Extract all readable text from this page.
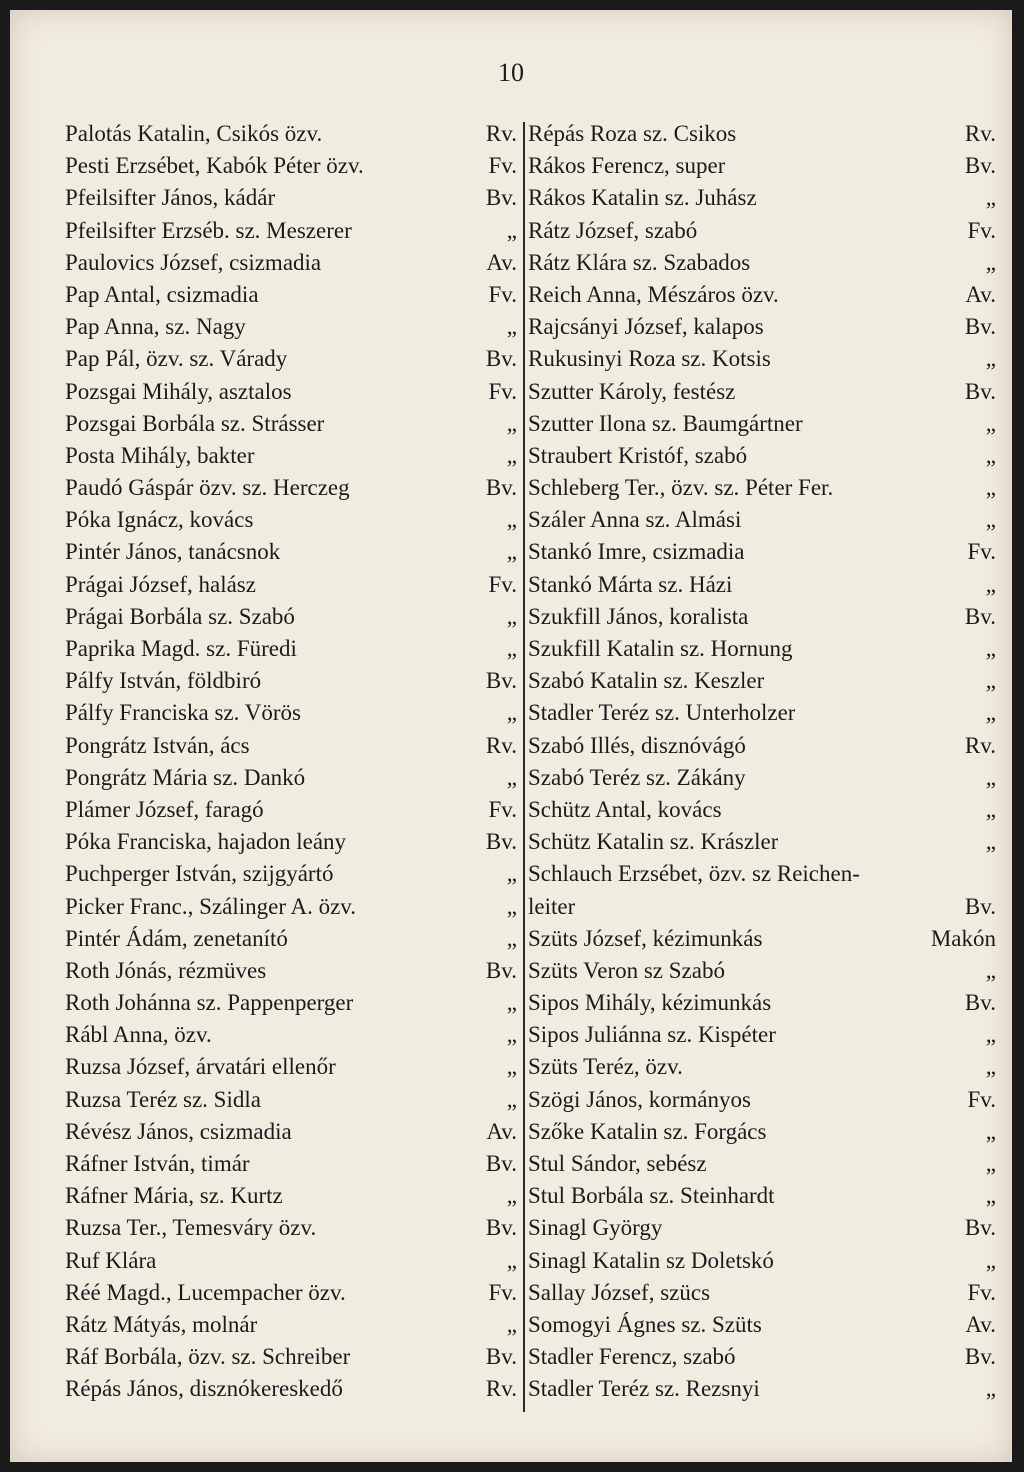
10
Palotás Katalin, Csikós özv.	Rv.
Pesti Erzsébet, Kabók Péter özv.	Fv.
Pfeilsifter János, kádár	Bv.
Pfeilsifter Erzséb. sz. Meszerer	„
Paulovics József, csizmadia	Av.
Pap Antal, csizmadia	Fv.
Pap Anna, sz. Nagy	„
Pap Pál, özv. sz. Várady	Bv.
Pozsgai Mihály, asztalos	Fv.
Pozsgai Borbála sz. Strásser	„
Posta Mihály, bakter	„
Paudó Gáspár özv. sz. Herczeg	Bv.
Póka Ignácz, kovács	„
Pintér János, tanácsnok	„
Prágai József, halász	Fv.
Prágai Borbála sz. Szabó	„
Paprika Magd. sz. Füredi	„
Pálfy István, földbiró	Bv.
Pálfy Franciska sz. Vörös	„
Pongrátz István, ács	Rv.
Pongrátz Mária sz. Dankó	„
Plámer József, faragó	Fv.
Póka Franciska, hajadon leány	Bv.
Puchperger István, szijgyártó	„
Picker Franc., Szálinger A. özv.	„
Pintér Ádám, zenetanító	„
Roth Jónás, rézmüves	Bv.
Roth Johánna sz. Pappenperger	„
Rábl Anna, özv.	„
Ruzsa József, árvatári ellenőr	„
Ruzsa Teréz sz. Sidla	„
Révész János, csizmadia	Av.
Ráfner István, timár	Bv.
Ráfner Mária, sz. Kurtz	„
Ruzsa Ter., Temesváry özv.	Bv.
Ruf Klára	„
Réé Magd., Lucempacher özv.	Fv.
Rátz Mátyás, molnár	„
Ráf Borbála, özv. sz. Schreiber	Bv.
Répás János, disznókereskedő	Rv.
Répás Roza sz. Csikos	Rv.
Rákos Ferencz, super	Bv.
Rákos Katalin sz. Juhász	„
Rátz József, szabó	Fv.
Rátz Klára sz. Szabados	„
Reich Anna, Mészáros özv.	Av.
Rajcsányi József, kalapos	Bv.
Rukusinyi Roza sz. Kotsis	„
Szutter Károly, festész	Bv.
Szutter Ilona sz. Baumgártner	„
Straubert Kristóf, szabó	„
Schleberg Ter., özv. sz. Péter Fer.	„
Száler Anna sz. Almási	„
Stankó Imre, csizmadia	Fv.
Stankó Márta sz. Házi	„
Szukfill János, koralista	Bv.
Szukfill Katalin sz. Hornung	„
Szabó Katalin sz. Keszler	„
Stadler Teréz sz. Unterholzer	„
Szabó Illés, disznóvágó	Rv.
Szabó Teréz sz. Zákány	„
Schütz Antal, kovács	„
Schütz Katalin sz. Krászler	„
Schlauch Erzsébet, özv. sz Reichen-
leiter	Bv.
Szüts József, kézimunkás	Makón
Szüts Veron sz Szabó	„
Sipos Mihály, kézimunkás	Bv.
Sipos Juliánna sz. Kispéter	„
Szüts Teréz, özv.	„
Szögi János, kormányos	Fv.
Szőke Katalin sz. Forgács	„
Stul Sándor, sebész	„
Stul Borbála sz. Steinhardt	„
Sinagl György	Bv.
Sinagl Katalin sz Doletskó	„
Sallay József, szücs	Fv.
Somogyi Ágnes sz. Szüts	Av.
Stadler Ferencz, szabó	Bv.
Stadler Teréz sz. Rezsnyi	„
